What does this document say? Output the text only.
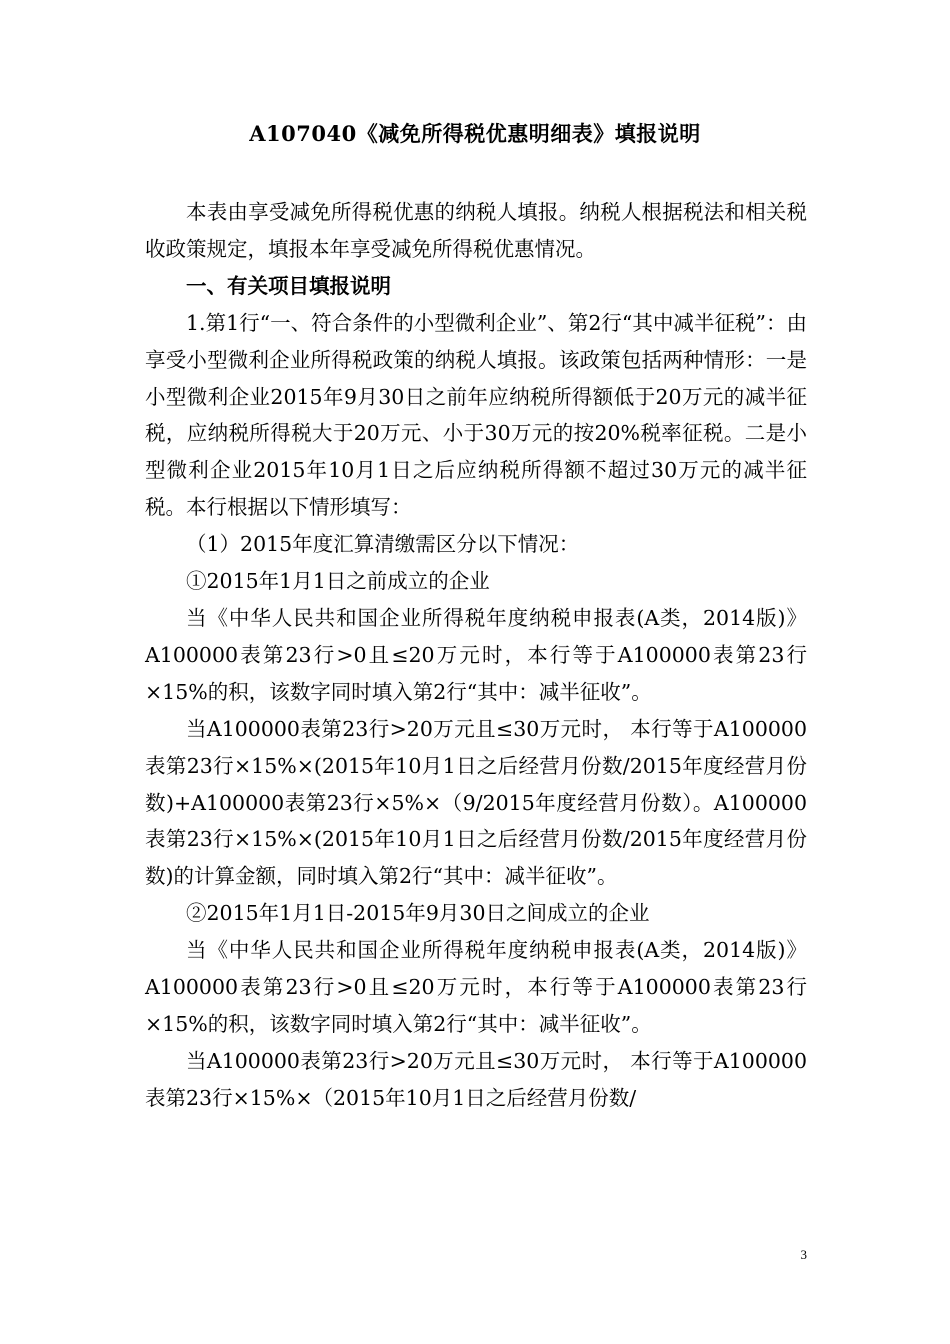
A107040《减免所得税优惠明细表》填报说明

本表由享受减免所得税优惠的纳税人填报。纳税人根据税法和相关税收政策规定，填报本年享受减免所得税优惠情况。

一、有关项目填报说明

1.第1行“一、符合条件的小型微利企业”、第2行“其中减半征税”：由享受小型微利企业所得税政策的纳税人填报。该政策包括两种情形：一是小型微利企业2015年9月30日之前年应纳税所得额低于20万元的减半征税，应纳税所得税大于20万元、小于30万元的按20%税率征税。二是小型微利企业2015年10月1日之后应纳税所得额不超过30万元的减半征税。本行根据以下情形填写：

（1）2015年度汇算清缴需区分以下情况：

①2015年1月1日之前成立的企业

当《中华人民共和国企业所得税年度纳税申报表(A类，2014版)》A100000表第23行>0且≤20万元时，本行等于A100000表第23行×15%的积，该数字同时填入第2行“其中：减半征收”。

当A100000表第23行>20万元且≤30万元时， 本行等于A100000表第23行×15%×(2015年10月1日之后经营月份数/2015年度经营月份数)+A100000表第23行×5%×（9/2015年度经营月份数）。A100000表第23行×15%×(2015年10月1日之后经营月份数/2015年度经营月份数)的计算金额，同时填入第2行“其中：减半征收”。

②2015年1月1日-2015年9月30日之间成立的企业

当《中华人民共和国企业所得税年度纳税申报表(A类，2014版)》A100000表第23行>0且≤20万元时，本行等于A100000表第23行×15%的积，该数字同时填入第2行“其中：减半征收”。

当A100000表第23行>20万元且≤30万元时， 本行等于A100000表第23行×15%×（2015年10月1日之后经营月份数/

3
